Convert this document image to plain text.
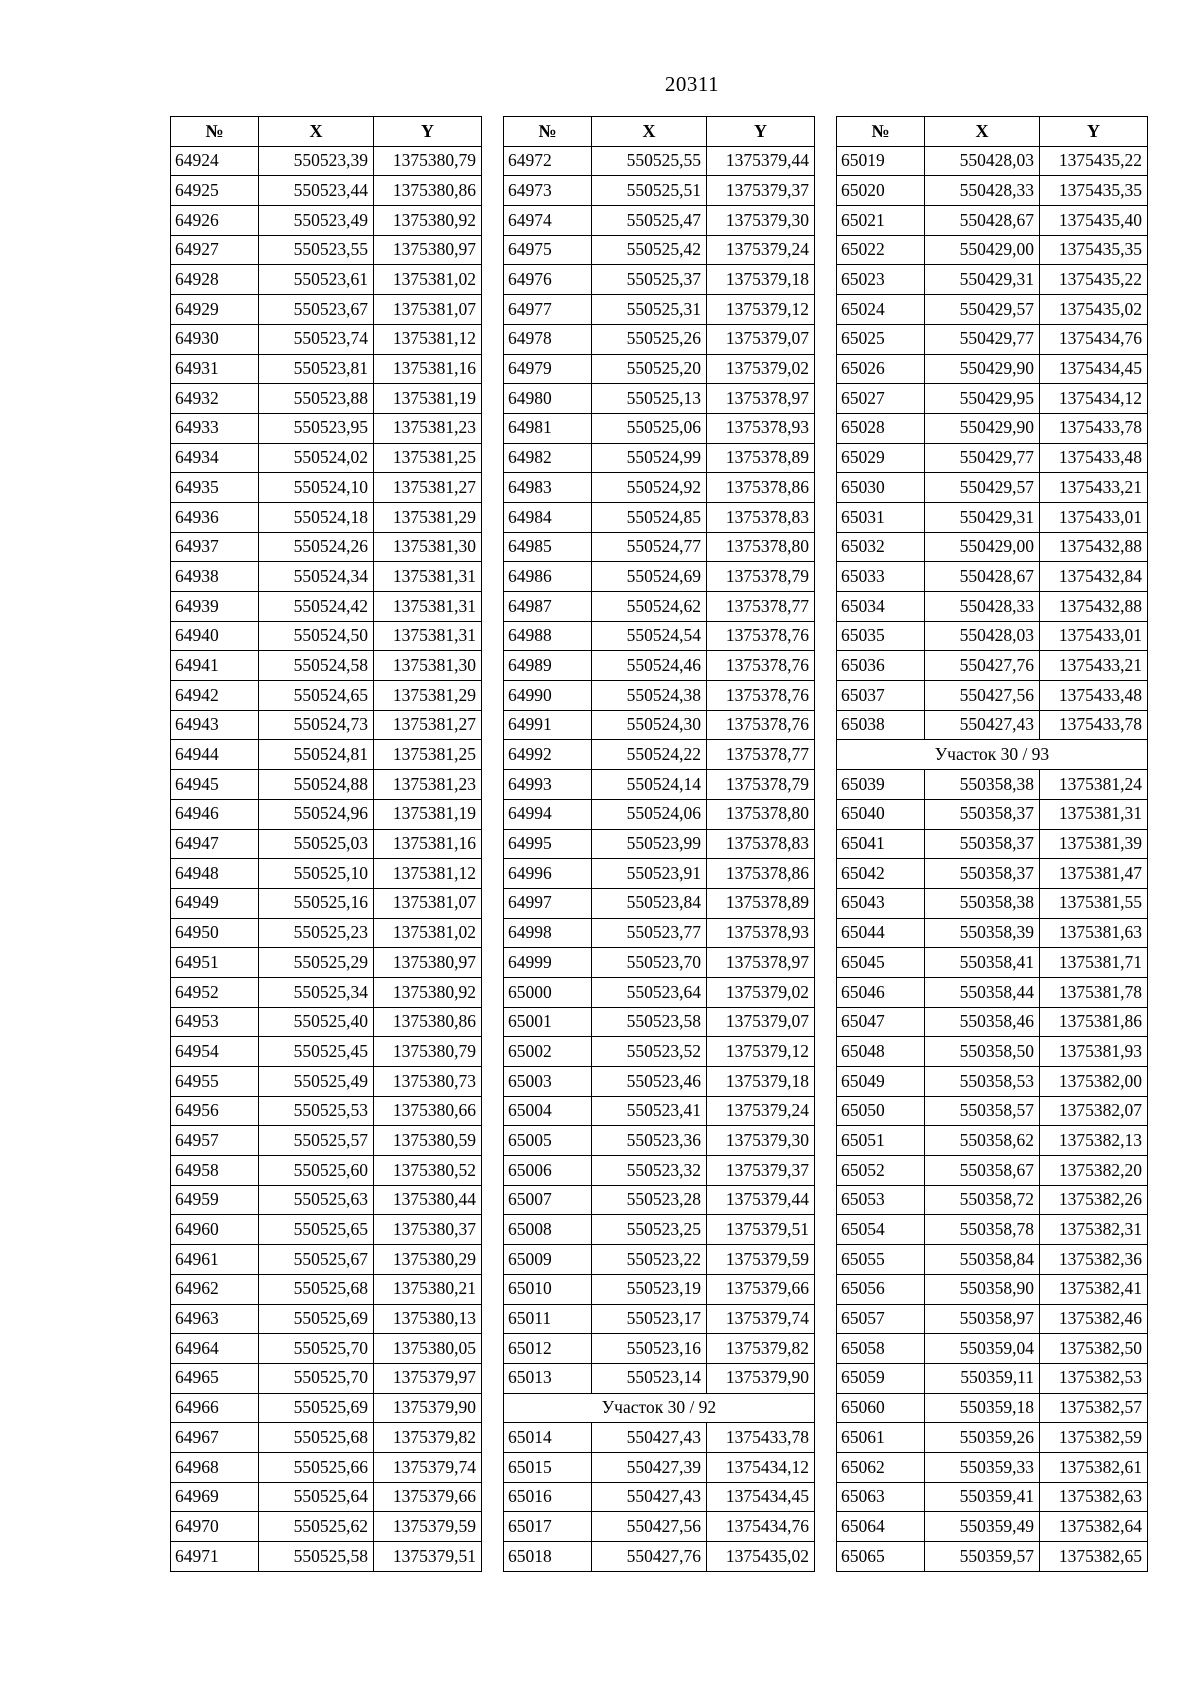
20311
№	X	Y
64924	550523,39	1375380,79
64925	550523,44	1375380,86
64926	550523,49	1375380,92
64927	550523,55	1375380,97
64928	550523,61	1375381,02
64929	550523,67	1375381,07
64930	550523,74	1375381,12
64931	550523,81	1375381,16
64932	550523,88	1375381,19
64933	550523,95	1375381,23
64934	550524,02	1375381,25
64935	550524,10	1375381,27
64936	550524,18	1375381,29
64937	550524,26	1375381,30
64938	550524,34	1375381,31
64939	550524,42	1375381,31
64940	550524,50	1375381,31
64941	550524,58	1375381,30
64942	550524,65	1375381,29
64943	550524,73	1375381,27
64944	550524,81	1375381,25
64945	550524,88	1375381,23
64946	550524,96	1375381,19
64947	550525,03	1375381,16
64948	550525,10	1375381,12
64949	550525,16	1375381,07
64950	550525,23	1375381,02
64951	550525,29	1375380,97
64952	550525,34	1375380,92
64953	550525,40	1375380,86
64954	550525,45	1375380,79
64955	550525,49	1375380,73
64956	550525,53	1375380,66
64957	550525,57	1375380,59
64958	550525,60	1375380,52
64959	550525,63	1375380,44
64960	550525,65	1375380,37
64961	550525,67	1375380,29
64962	550525,68	1375380,21
64963	550525,69	1375380,13
64964	550525,70	1375380,05
64965	550525,70	1375379,97
64966	550525,69	1375379,90
64967	550525,68	1375379,82
64968	550525,66	1375379,74
64969	550525,64	1375379,66
64970	550525,62	1375379,59
64971	550525,58	1375379,51
№	X	Y
64972	550525,55	1375379,44
64973	550525,51	1375379,37
64974	550525,47	1375379,30
64975	550525,42	1375379,24
64976	550525,37	1375379,18
64977	550525,31	1375379,12
64978	550525,26	1375379,07
64979	550525,20	1375379,02
64980	550525,13	1375378,97
64981	550525,06	1375378,93
64982	550524,99	1375378,89
64983	550524,92	1375378,86
64984	550524,85	1375378,83
64985	550524,77	1375378,80
64986	550524,69	1375378,79
64987	550524,62	1375378,77
64988	550524,54	1375378,76
64989	550524,46	1375378,76
64990	550524,38	1375378,76
64991	550524,30	1375378,76
64992	550524,22	1375378,77
64993	550524,14	1375378,79
64994	550524,06	1375378,80
64995	550523,99	1375378,83
64996	550523,91	1375378,86
64997	550523,84	1375378,89
64998	550523,77	1375378,93
64999	550523,70	1375378,97
65000	550523,64	1375379,02
65001	550523,58	1375379,07
65002	550523,52	1375379,12
65003	550523,46	1375379,18
65004	550523,41	1375379,24
65005	550523,36	1375379,30
65006	550523,32	1375379,37
65007	550523,28	1375379,44
65008	550523,25	1375379,51
65009	550523,22	1375379,59
65010	550523,19	1375379,66
65011	550523,17	1375379,74
65012	550523,16	1375379,82
65013	550523,14	1375379,90
Участок 30 / 92		
65014	550427,43	1375433,78
65015	550427,39	1375434,12
65016	550427,43	1375434,45
65017	550427,56	1375434,76
65018	550427,76	1375435,02
№	X	Y
65019	550428,03	1375435,22
65020	550428,33	1375435,35
65021	550428,67	1375435,40
65022	550429,00	1375435,35
65023	550429,31	1375435,22
65024	550429,57	1375435,02
65025	550429,77	1375434,76
65026	550429,90	1375434,45
65027	550429,95	1375434,12
65028	550429,90	1375433,78
65029	550429,77	1375433,48
65030	550429,57	1375433,21
65031	550429,31	1375433,01
65032	550429,00	1375432,88
65033	550428,67	1375432,84
65034	550428,33	1375432,88
65035	550428,03	1375433,01
65036	550427,76	1375433,21
65037	550427,56	1375433,48
65038	550427,43	1375433,78
Участок 30 / 93		
65039	550358,38	1375381,24
65040	550358,37	1375381,31
65041	550358,37	1375381,39
65042	550358,37	1375381,47
65043	550358,38	1375381,55
65044	550358,39	1375381,63
65045	550358,41	1375381,71
65046	550358,44	1375381,78
65047	550358,46	1375381,86
65048	550358,50	1375381,93
65049	550358,53	1375382,00
65050	550358,57	1375382,07
65051	550358,62	1375382,13
65052	550358,67	1375382,20
65053	550358,72	1375382,26
65054	550358,78	1375382,31
65055	550358,84	1375382,36
65056	550358,90	1375382,41
65057	550358,97	1375382,46
65058	550359,04	1375382,50
65059	550359,11	1375382,53
65060	550359,18	1375382,57
65061	550359,26	1375382,59
65062	550359,33	1375382,61
65063	550359,41	1375382,63
65064	550359,49	1375382,64
65065	550359,57	1375382,65
